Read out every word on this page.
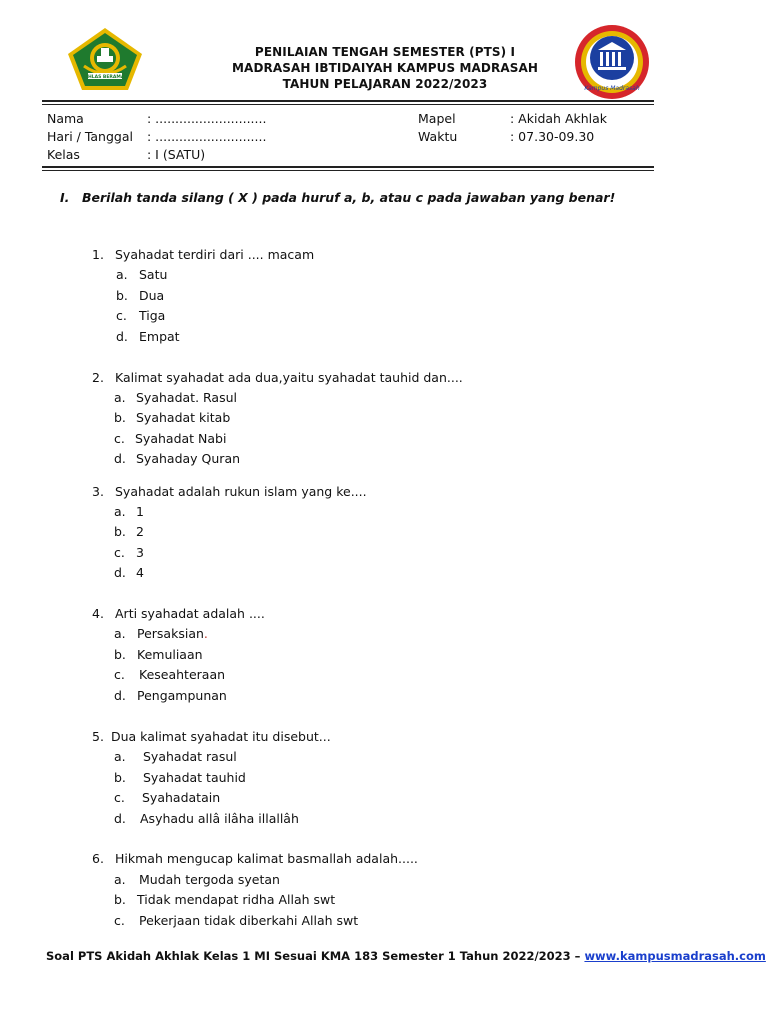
IKHLAS BERAMAL
PENILAIAN TENGAH SEMESTER (PTS) I
MADRASAH IBTIDAIYAH KAMPUS MADRASAH
TAHUN PELAJARAN 2022/2023	Kampus Madrasah
Nama	: ............................
Hari / Tanggal : ............................
Kelas	: I (SATU)
Mapel	: Akidah Akhlak
Waktu	: 07.30-09.30
I. Berilah tanda silang ( X ) pada huruf a, b, atau c pada jawaban yang benar!
1. Syahadat terdiri dari .... macam
a. Satu
b. Dua
c. Tiga
d. Empat
2. Kalimat syahadat ada dua,yaitu syahadat tauhid dan....
a. Syahadat. Rasul
b. Syahadat kitab
c. Syahadat Nabi
d. Syahaday Quran
3. Syahadat adalah rukun islam yang ke....
a. 1
b. 2
c. 3
d. 4
4. Arti syahadat adalah ....
a. Persaksian.
b. Kemuliaan
c. Keseahteraan
d. Pengampunan
5. Dua kalimat syahadat itu disebut...
a. Syahadat rasul
b. Syahadat tauhid
c. Syahadatain
d. Asyhadu allâ ilâha illallâh
6. Hikmah mengucap kalimat basmallah adalah.....
a. Mudah tergoda syetan
b. Tidak mendapat ridha Allah swt
c. Pekerjaan tidak diberkahi Allah swt
Soal PTS Akidah Akhlak Kelas 1 MI Sesuai KMA 183 Semester 1 Tahun 2022/2023 – www.kampusmadrasah.com
